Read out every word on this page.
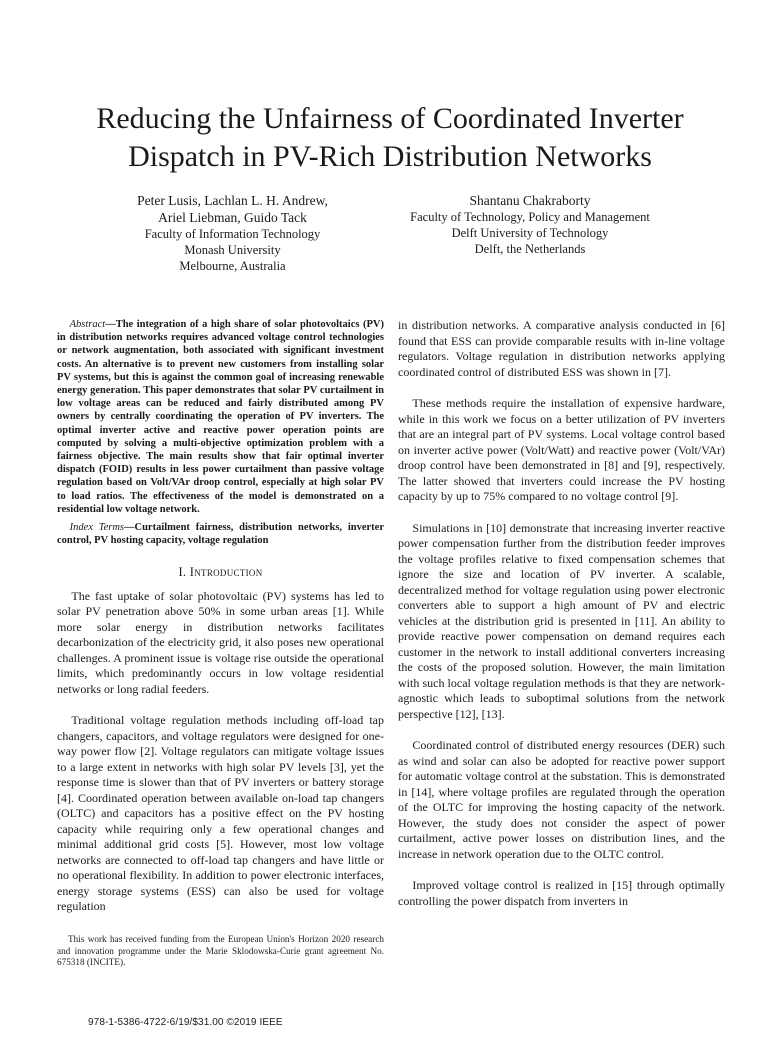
Reducing the Unfairness of Coordinated Inverter Dispatch in PV-Rich Distribution Networks
Peter Lusis, Lachlan L. H. Andrew,
Ariel Liebman, Guido Tack
Faculty of Information Technology
Monash University
Melbourne, Australia
Shantanu Chakraborty
Faculty of Technology, Policy and Management
Delft University of Technology
Delft, the Netherlands

Abstract—The integration of a high share of solar photovoltaics (PV) in distribution networks requires advanced voltage control technologies or network augmentation, both associated with significant investment costs. An alternative is to prevent new customers from installing solar PV systems, but this is against the common goal of increasing renewable energy generation. This paper demonstrates that solar PV curtailment in low voltage areas can be reduced and fairly distributed among PV owners by centrally coordinating the operation of PV inverters. The optimal inverter active and reactive power operation points are computed by solving a multi-objective optimization problem with a fairness objective. The main results show that fair optimal inverter dispatch (FOID) results in less power curtailment than passive voltage regulation based on Volt/VAr droop control, especially at high solar PV to load ratios. The effectiveness of the model is demonstrated on a residential low voltage network.

Index Terms—Curtailment fairness, distribution networks, inverter control, PV hosting capacity, voltage regulation

I. Introduction

The fast uptake of solar photovoltaic (PV) systems has led to solar PV penetration above 50% in some urban areas [1]. While more solar energy in distribution networks facilitates decarbonization of the electricity grid, it also poses new operational challenges. A prominent issue is voltage rise outside the operational limits, which predominantly occurs in low voltage residential networks or long radial feeders.

Traditional voltage regulation methods including off-load tap changers, capacitors, and voltage regulators were designed for one-way power flow [2]. Voltage regulators can mitigate voltage issues to a large extent in networks with high solar PV levels [3], yet the response time is slower than that of PV inverters or battery storage [4]. Coordinated operation between available on-load tap changers (OLTC) and capacitors has a positive effect on the PV hosting capacity while requiring only a few operational changes and minimal additional grid costs [5]. However, most low voltage networks are connected to off-load tap changers and have little or no operational flexibility. In addition to power electronic interfaces, energy storage systems (ESS) can also be used for voltage regulation

in distribution networks. A comparative analysis conducted in [6] found that ESS can provide comparable results with in-line voltage regulators. Voltage regulation in distribution networks applying coordinated control of distributed ESS was shown in [7].

These methods require the installation of expensive hardware, while in this work we focus on a better utilization of PV inverters that are an integral part of PV systems. Local voltage control based on inverter active power (Volt/Watt) and reactive power (Volt/VAr) droop control have been demonstrated in [8] and [9], respectively. The latter showed that inverters could increase the PV hosting capacity by up to 75% compared to no voltage control [9].

Simulations in [10] demonstrate that increasing inverter reactive power compensation further from the distribution feeder improves the voltage profiles relative to fixed compensation schemes that ignore the size and location of PV inverter. A scalable, decentralized method for voltage regulation using power electronic converters able to support a high amount of PV and electric vehicles at the distribution grid is presented in [11]. An ability to provide reactive power compensation on demand requires each customer in the network to install additional converters increasing the costs of the proposed solution. However, the main limitation with such local voltage regulation methods is that they are network-agnostic which leads to suboptimal solutions from the network perspective [12], [13].

Coordinated control of distributed energy resources (DER) such as wind and solar can also be adopted for reactive power support for automatic voltage control at the substation. This is demonstrated in [14], where voltage profiles are regulated through the operation of the OLTC for improving the hosting capacity of the network. However, the study does not consider the aspect of power curtailment, active power losses on distribution lines, and the increase in network operation due to the OLTC control.

Improved voltage control is realized in [15] through optimally controlling the power dispatch from inverters in

This work has received funding from the European Union's Horizon 2020 research and innovation programme under the Marie Sklodowska-Curie grant agreement No. 675318 (INCITE).
978-1-5386-4722-6/19/$31.00 ©2019 IEEE
